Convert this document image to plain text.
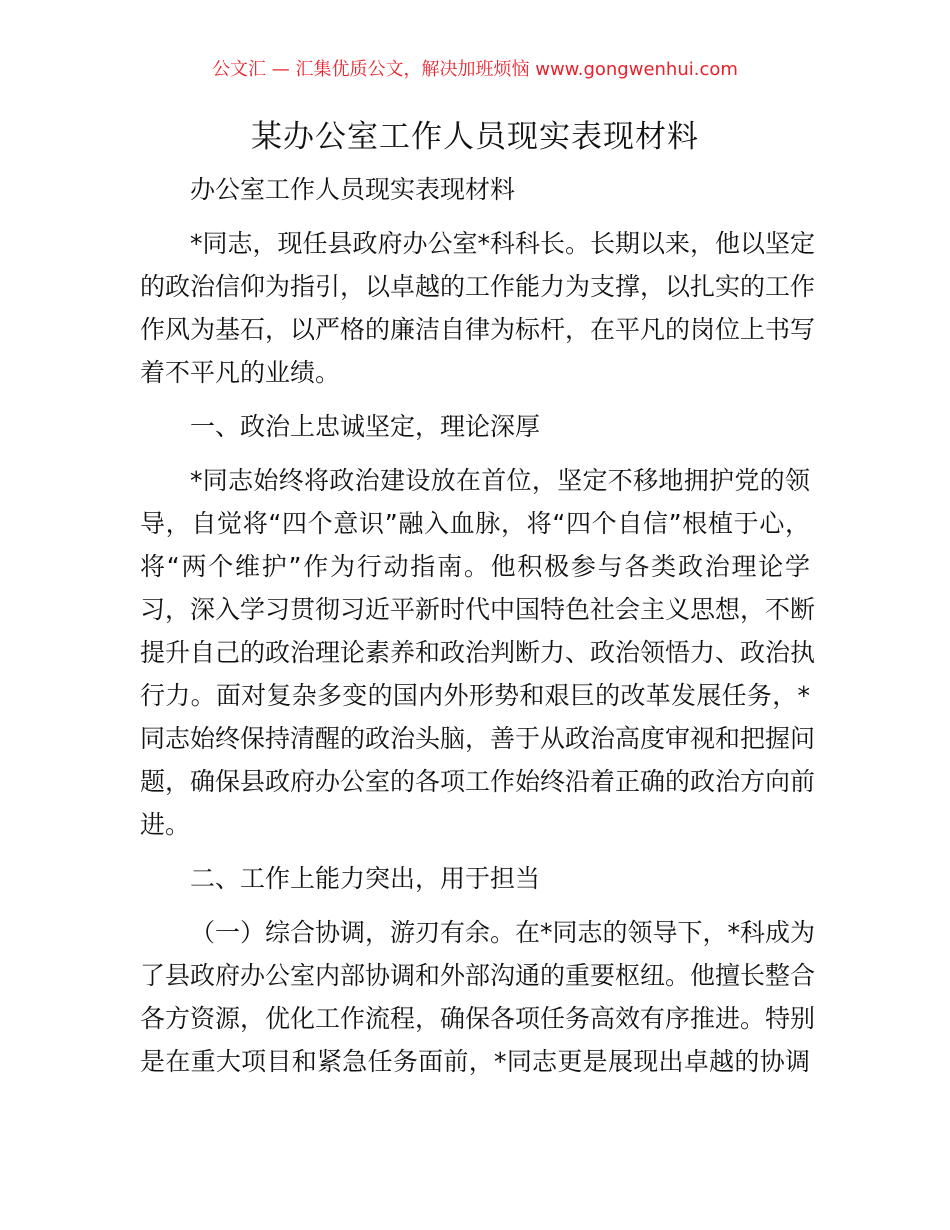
公文汇 — 汇集优质公文，解决加班烦恼 www.gongwenhui.com
某办公室工作人员现实表现材料
办公室工作人员现实表现材料
*同志，现任县政府办公室*科科长。长期以来，他以坚定
的政治信仰为指引，以卓越的工作能力为支撑，以扎实的工作
作风为基石，以严格的廉洁自律为标杆，在平凡的岗位上书写
着不平凡的业绩。
一、政治上忠诚坚定，理论深厚
*同志始终将政治建设放在首位，坚定不移地拥护党的领
导，自觉将“四个意识”融入血脉，将“四个自信”根植于心，
将“两个维护”作为行动指南。他积极参与各类政治理论学
习，深入学习贯彻习近平新时代中国特色社会主义思想，不断
提升自己的政治理论素养和政治判断力、政治领悟力、政治执
行力。面对复杂多变的国内外形势和艰巨的改革发展任务，*
同志始终保持清醒的政治头脑，善于从政治高度审视和把握问
题，确保县政府办公室的各项工作始终沿着正确的政治方向前
进。
二、工作上能力突出，用于担当
（一）综合协调，游刃有余。在*同志的领导下，*科成为
了县政府办公室内部协调和外部沟通的重要枢纽。他擅长整合
各方资源，优化工作流程，确保各项任务高效有序推进。特别
是在重大项目和紧急任务面前，*同志更是展现出卓越的协调
